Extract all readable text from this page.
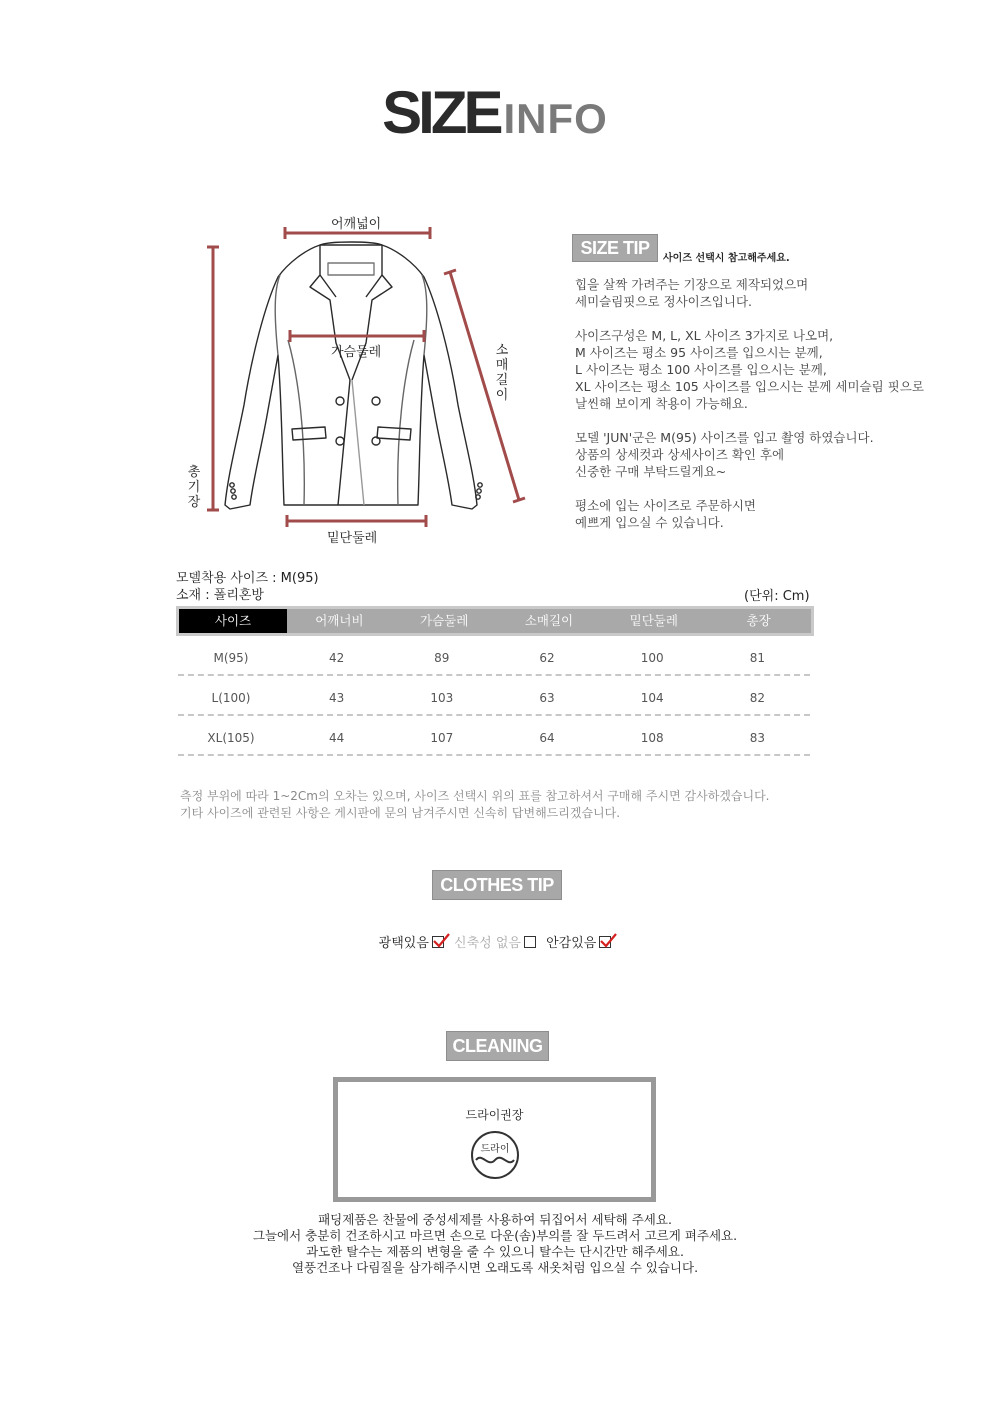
SIZEINFO
어깨넓이
가슴둘레
밑단둘레
소
매
길
이
총
기
장
SIZE TIP
사이즈 선택시 참고해주세요.

힙을 살짝 가려주는 기장으로 제작되었으며

세미슬림핏으로 정사이즈입니다.

사이즈구성은 M, L, XL 사이즈 3가지로 나오며,

M 사이즈는 평소 95 사이즈를 입으시는 분께,

L 사이즈는 평소 100 사이즈를 입으시는 분께,

XL 사이즈는 평소 105 사이즈를 입으시는 분께 세미슬림 핏으로

날씬해 보이게 착용이 가능해요.

모델 'JUN'군은 M(95) 사이즈를 입고 촬영 하였습니다.

상품의 상세컷과 상세사이즈 확인 후에

신중한 구매 부탁드릴게요~

평소에 입는 사이즈로 주문하시면

예쁘게 입으실 수 있습니다.

모델착용 사이즈 : M(95)
소재 : 폴리혼방	(단위: Cm)
사이즈	어깨너비	가슴둘레	소매길이	밑단둘레	총장
M(95)	42	89	62	100	81
L(100)	43	103	63	104	82
XL(105)	44	107	64	108	83
측정 부위에 따라 1~2Cm의 오차는 있으며, 사이즈 선택시 위의 표를 참고하셔서 구매해 주시면 감사하겠습니다.
기타 사이즈에 관련된 사항은 게시판에 문의 남겨주시면 신속히 답변해드리겠습니다.
CLOTHES TIP
광택있음 신축성 없음 안감있음
CLEANING
드라이권장
드라이

패딩제품은 찬물에 중성세제를 사용하여 뒤집어서 세탁해 주세요.

그늘에서 충분히 건조하시고 마르면 손으로 다운(솜)부의를 잘 두드려서 고르게 펴주세요.

과도한 탈수는 제품의 변형을 줄 수 있으니 탈수는 단시간만 해주세요.

열풍건조나 다림질을 삼가해주시면 오래도록 새옷처럼 입으실 수 있습니다.
